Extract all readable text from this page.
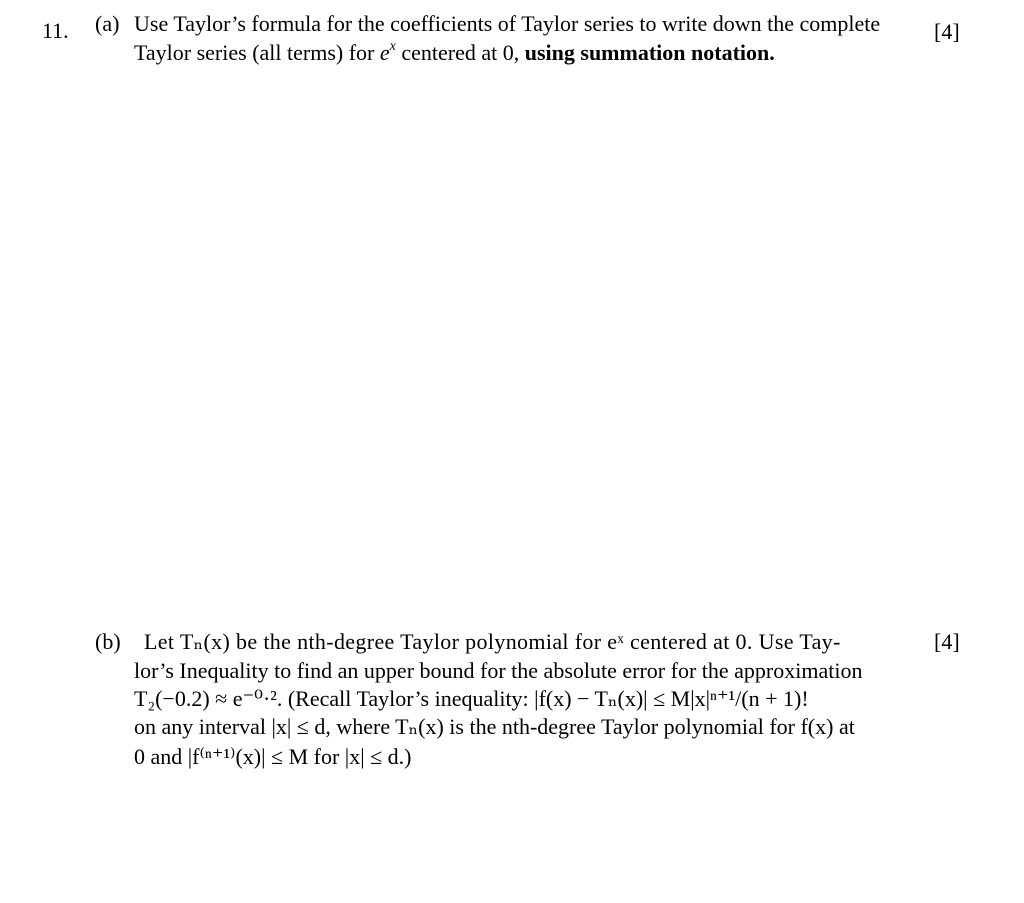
11. (a)	[4]
Use Taylor’s formula for the coefficients of Taylor series to write down the complete
Taylor series (all terms) for $e^x$ centered at 0, using summation notation.
(b)	[4]
Let Tₙ(x) be the nth-degree Taylor polynomial for eˣ centered at 0. Use Tay-
lor’s Inequality to find an upper bound for the absolute error for the approximation
T₂(−0.2) ≈ e⁻⁰·². (Recall Taylor’s inequality: |f(x) − Tₙ(x)| ≤ M|x|ⁿ⁺¹/(n + 1)!
on any interval |x| ≤ d, where Tₙ(x) is the nth-degree Taylor polynomial for f(x) at
0 and |f⁽ⁿ⁺¹⁾(x)| ≤ M for |x| ≤ d.)
